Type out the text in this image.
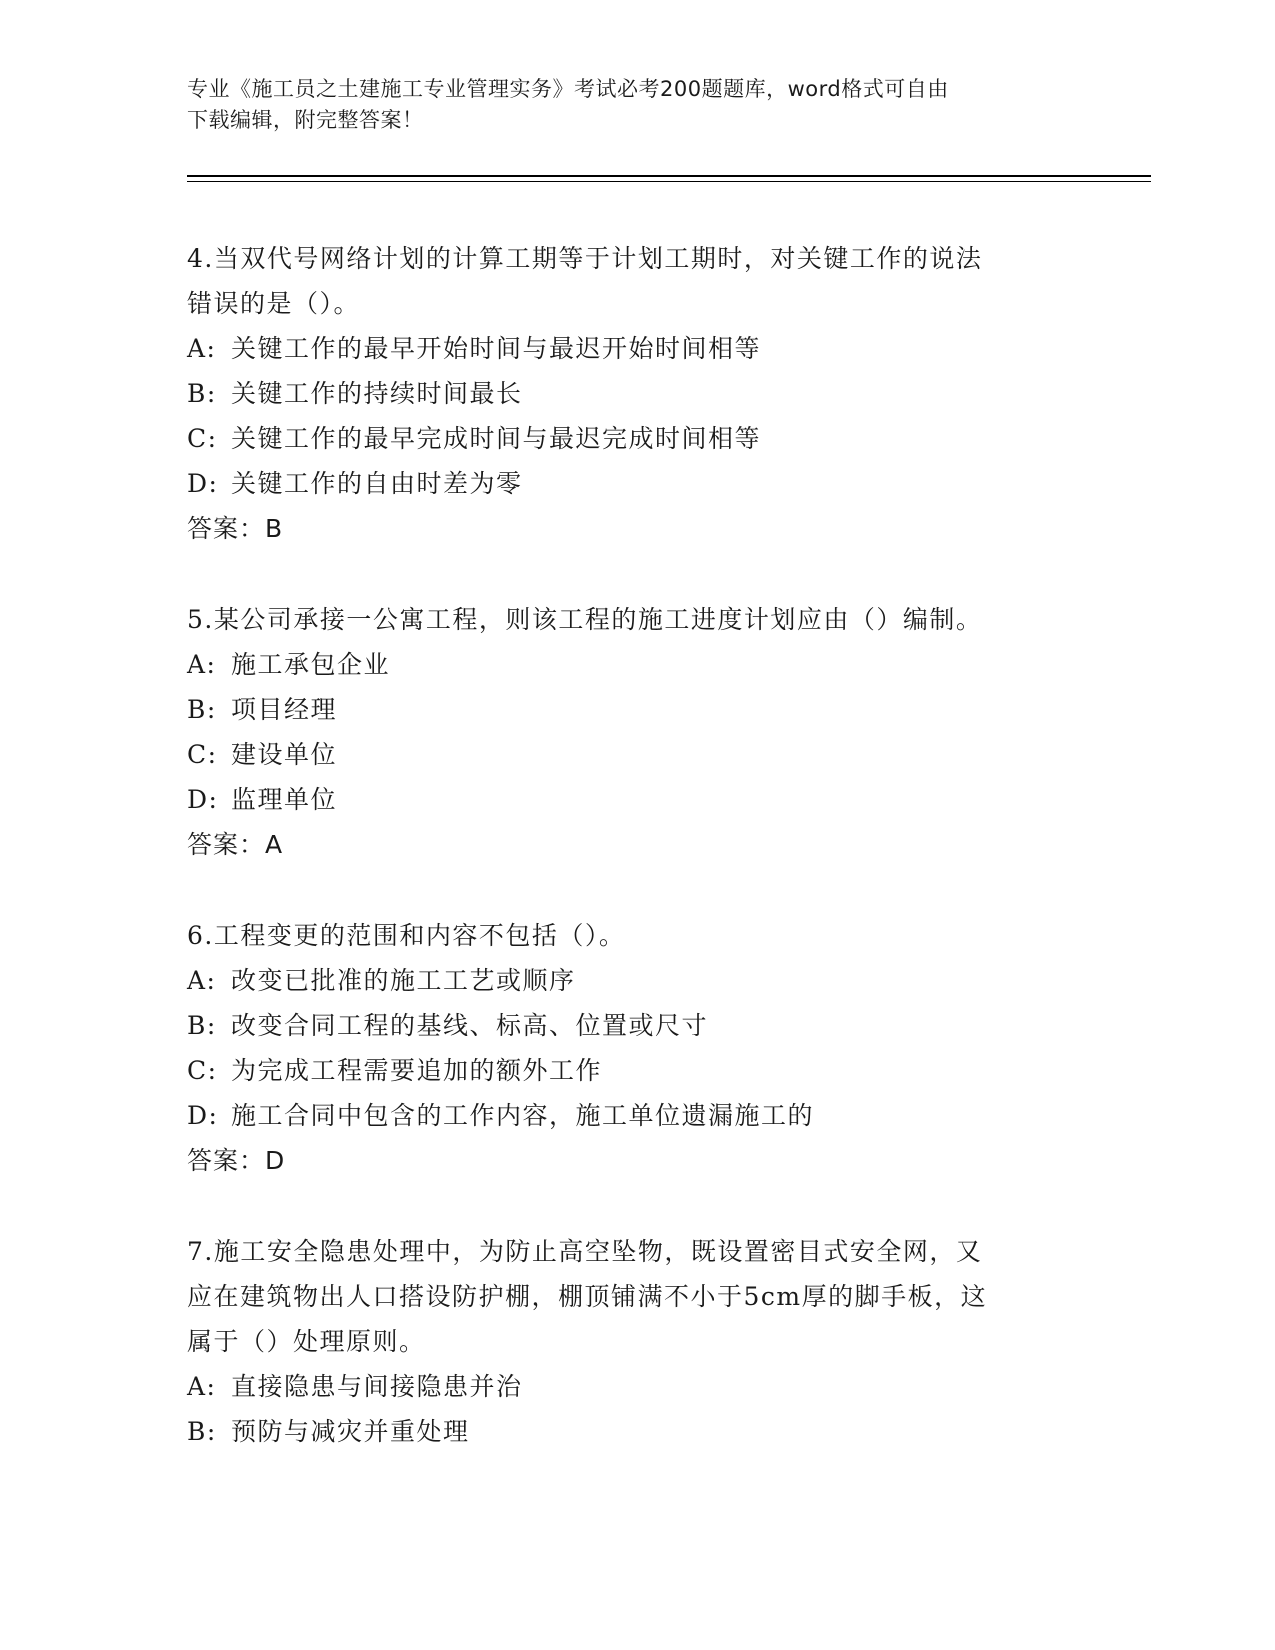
专业《施工员之土建施工专业管理实务》考试必考200题题库，word格式可自由
下载编辑，附完整答案！

4.当双代号网络计划的计算工期等于计划工期时，对关键工作的说法

错误的是（）。

A: 关键工作的最早开始时间与最迟开始时间相等

B: 关键工作的持续时间最长

C: 关键工作的最早完成时间与最迟完成时间相等

D: 关键工作的自由时差为零

答案：B

5.某公司承接一公寓工程，则该工程的施工进度计划应由（）编制。

A: 施工承包企业

B: 项目经理

C: 建设单位

D: 监理单位

答案：A

6.工程变更的范围和内容不包括（）。

A: 改变已批准的施工工艺或顺序

B: 改变合同工程的基线、标高、位置或尺寸

C: 为完成工程需要追加的额外工作

D: 施工合同中包含的工作内容，施工单位遗漏施工的

答案：D

7.施工安全隐患处理中，为防止高空坠物，既设置密目式安全网，又

应在建筑物出人口搭设防护棚，棚顶铺满不小于5cm厚的脚手板，这

属于（）处理原则。

A: 直接隐患与间接隐患并治

B: 预防与减灾并重处理
